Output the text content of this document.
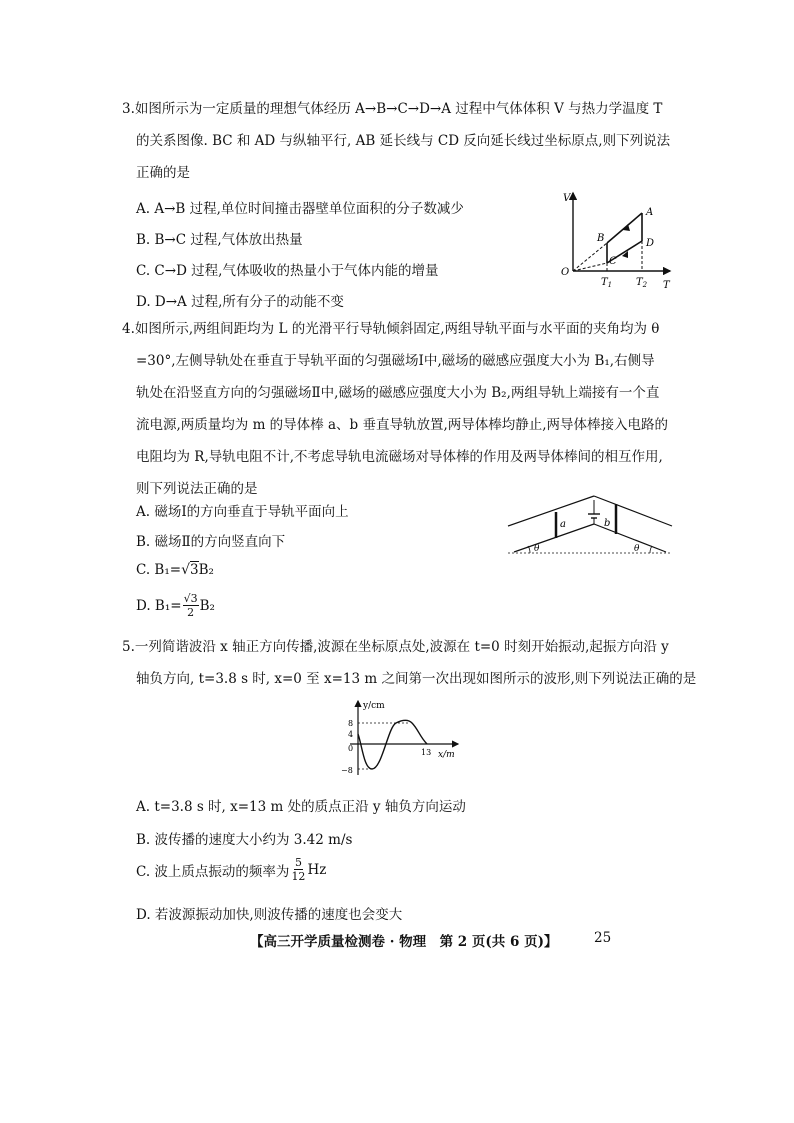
3.如图所示为一定质量的理想气体经历 A→B→C→D→A 过程中气体体积 V 与热力学温度 T
的关系图像. BC 和 AD 与纵轴平行, AB 延长线与 CD 反向延长线过坐标原点,则下列说法
正确的是
A. A→B 过程,单位时间撞击器壁单位面积的分子数减少
B. B→C 过程,气体放出热量
C. C→D 过程,气体吸收的热量小于气体内能的增量
D. D→A 过程,所有分子的动能不变
V
T
O
A
B
C
D
$T_1$ $T_2$
4.如图所示,两组间距均为 L 的光滑平行导轨倾斜固定,两组导轨平面与水平面的夹角均为 θ
=30°,左侧导轨处在垂直于导轨平面的匀强磁场Ⅰ中,磁场的磁感应强度大小为 B₁,右侧导
轨处在沿竖直方向的匀强磁场Ⅱ中,磁场的磁感应强度大小为 B₂,两组导轨上端接有一个直
流电源,两质量均为 m 的导体棒 a、b 垂直导轨放置,两导体棒均静止,两导体棒接入电路的
电阻均为 R,导轨电阻不计,不考虑导轨电流磁场对导体棒的作用及两导体棒间的相互作用,
则下列说法正确的是
A. 磁场Ⅰ的方向垂直于导轨平面向上
B. 磁场Ⅱ的方向竖直向下
C. B₁=√3B₂
D. $B_1= \frac{√3}{2} B_2$
a	b
θ	θ
5.一列简谐波沿 x 轴正方向传播,波源在坐标原点处,波源在 t=0 时刻开始振动,起振方向沿 y
轴负方向, t=3.8 s 时, x=0 至 x=13 m 之间第一次出现如图所示的波形,则下列说法正确的是
y/cm
x/m
8
4
0
−8
13
A. t=3.8 s 时, x=13 m 处的质点正沿 y 轴负方向运动
B. 波传播的速度大小约为 3.42 m/s
C. 波上质点振动的频率为
5
12 Hz
D. 若波源振动加快,则波传播的速度也会变大
【高三开学质量检测卷 · 物理　第 2 页(共 6 页)】	25
